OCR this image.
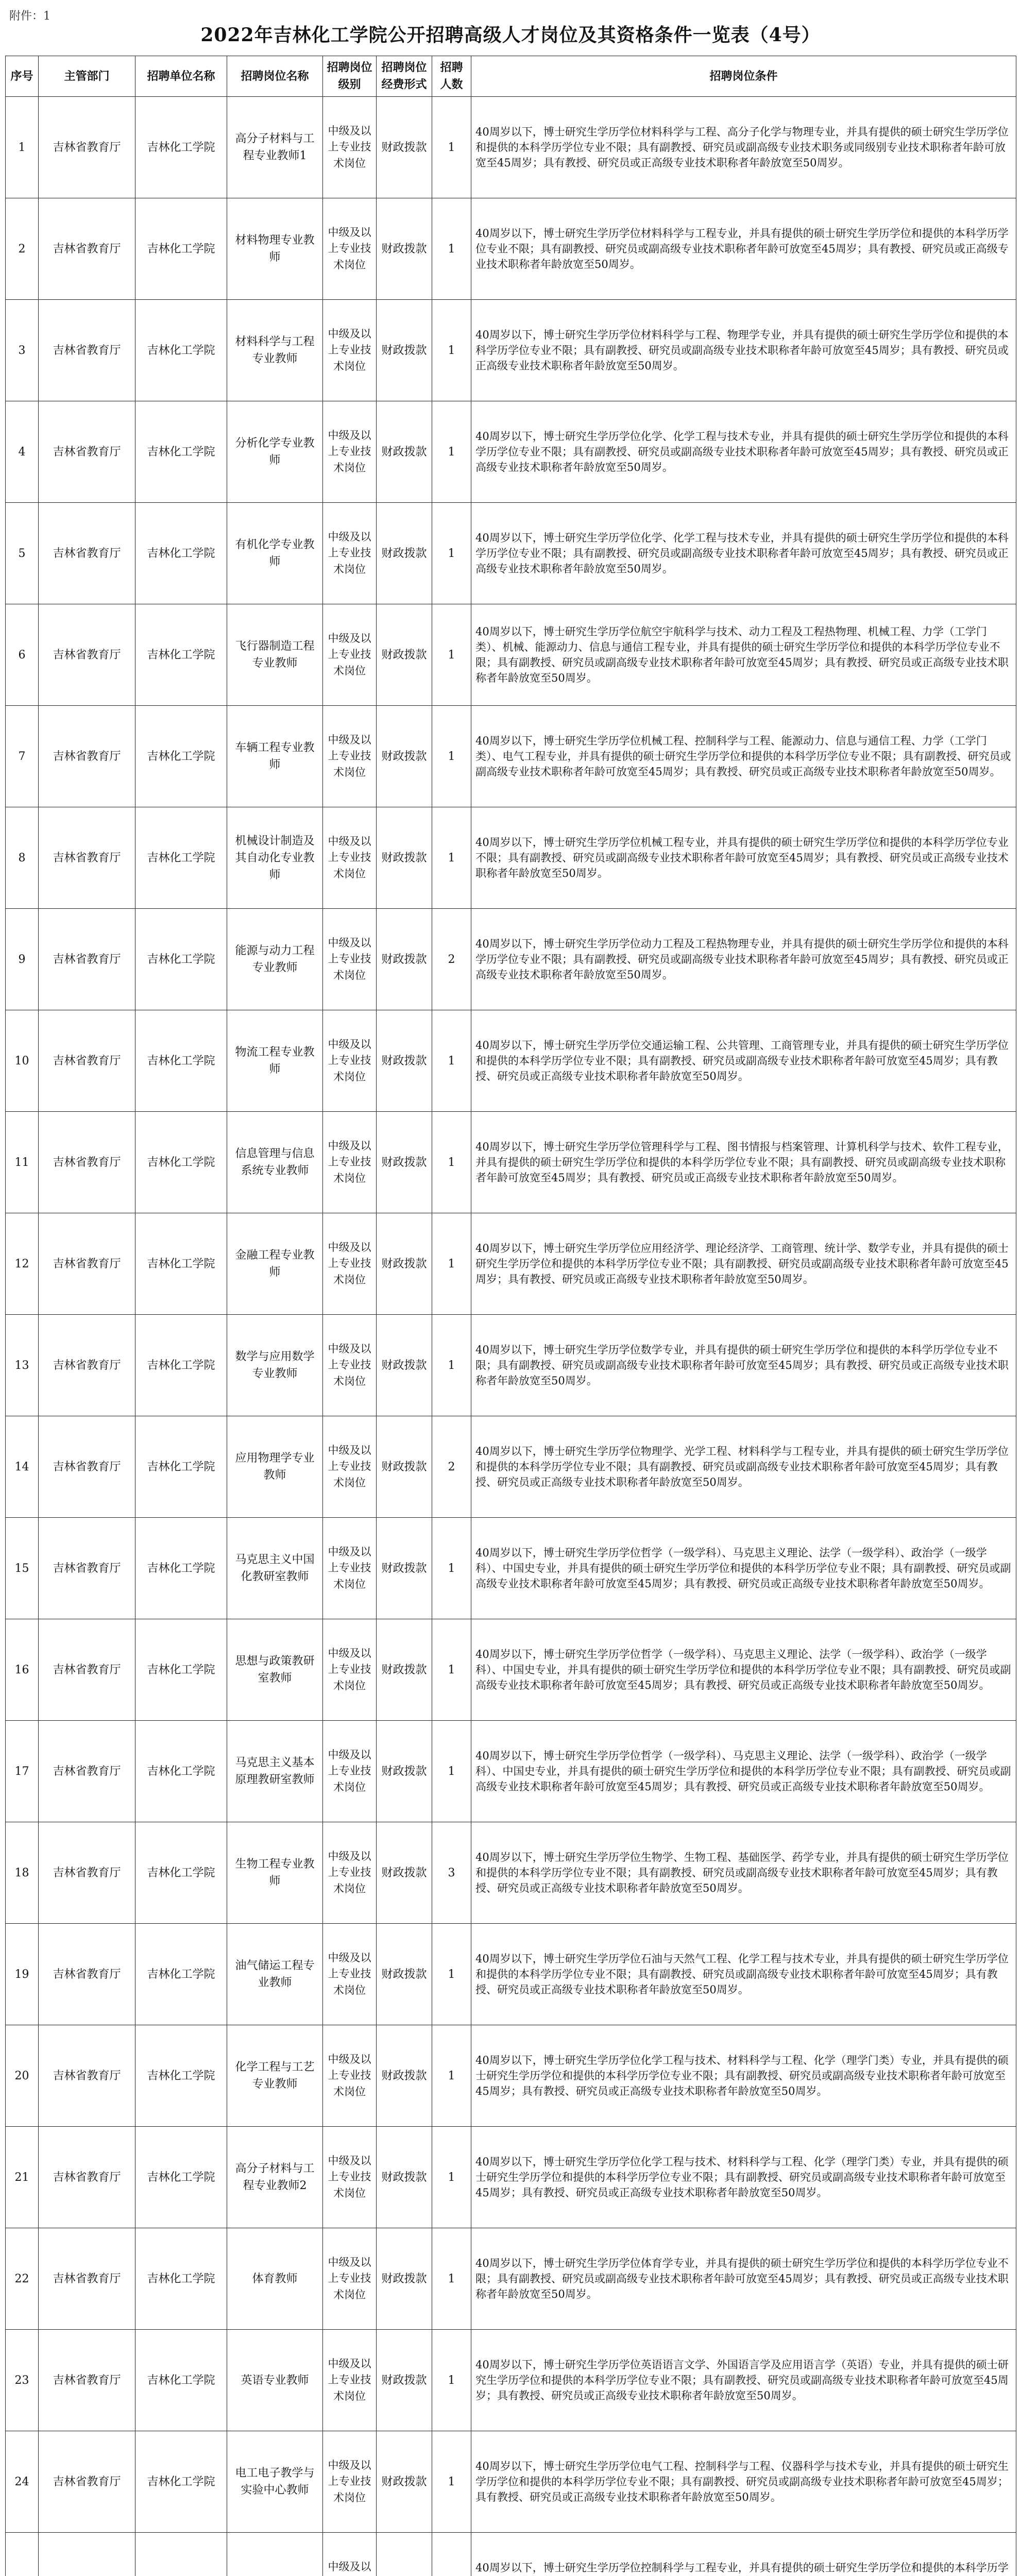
附件：1
2022年吉林化工学院公开招聘高级人才岗位及其资格条件一览表（4号）
序号	主管部门	招聘单位名称	招聘岗位名称	招聘岗位级别	招聘岗位经费形式	招聘人数	招聘岗位条件
1	吉林省教育厅	吉林化工学院	高分子材料与工程专业教师1	中级及以上专业技术岗位	财政拨款	1	40周岁以下，博士研究生学历学位材料科学与工程、高分子化学与物理专业，并具有提供的硕士研究生学历学位和提供的本科学历学位专业不限；具有副教授、研究员或副高级专业技术职务或同级别专业技术职称者年龄可放宽至45周岁；具有教授、研究员或正高级专业技术职称者年龄放宽至50周岁。
2	吉林省教育厅	吉林化工学院	材料物理专业教师	中级及以上专业技术岗位	财政拨款	1	40周岁以下，博士研究生学历学位材料科学与工程专业，并具有提供的硕士研究生学历学位和提供的本科学历学位专业不限；具有副教授、研究员或副高级专业技术职称者年龄可放宽至45周岁；具有教授、研究员或正高级专业技术职称者年龄放宽至50周岁。
3	吉林省教育厅	吉林化工学院	材料科学与工程专业教师	中级及以上专业技术岗位	财政拨款	1	40周岁以下，博士研究生学历学位材料科学与工程、物理学专业，并具有提供的硕士研究生学历学位和提供的本科学历学位专业不限；具有副教授、研究员或副高级专业技术职称者年龄可放宽至45周岁；具有教授、研究员或正高级专业技术职称者年龄放宽至50周岁。
4	吉林省教育厅	吉林化工学院	分析化学专业教师	中级及以上专业技术岗位	财政拨款	1	40周岁以下，博士研究生学历学位化学、化学工程与技术专业，并具有提供的硕士研究生学历学位和提供的本科学历学位专业不限；具有副教授、研究员或副高级专业技术职称者年龄可放宽至45周岁；具有教授、研究员或正高级专业技术职称者年龄放宽至50周岁。
5	吉林省教育厅	吉林化工学院	有机化学专业教师	中级及以上专业技术岗位	财政拨款	1	40周岁以下，博士研究生学历学位化学、化学工程与技术专业，并具有提供的硕士研究生学历学位和提供的本科学历学位专业不限；具有副教授、研究员或副高级专业技术职称者年龄可放宽至45周岁；具有教授、研究员或正高级专业技术职称者年龄放宽至50周岁。
6	吉林省教育厅	吉林化工学院	飞行器制造工程专业教师	中级及以上专业技术岗位	财政拨款	1	40周岁以下，博士研究生学历学位航空宇航科学与技术、动力工程及工程热物理、机械工程、力学（工学门类）、机械、能源动力、信息与通信工程专业，并具有提供的硕士研究生学历学位和提供的本科学历学位专业不限；具有副教授、研究员或副高级专业技术职称者年龄可放宽至45周岁；具有教授、研究员或正高级专业技术职称者年龄放宽至50周岁。
7	吉林省教育厅	吉林化工学院	车辆工程专业教师	中级及以上专业技术岗位	财政拨款	1	40周岁以下，博士研究生学历学位机械工程、控制科学与工程、能源动力、信息与通信工程、力学（工学门类）、电气工程专业，并具有提供的硕士研究生学历学位和提供的本科学历学位专业不限；具有副教授、研究员或副高级专业技术职称者年龄可放宽至45周岁；具有教授、研究员或正高级专业技术职称者年龄放宽至50周岁。
8	吉林省教育厅	吉林化工学院	机械设计制造及其自动化专业教师	中级及以上专业技术岗位	财政拨款	1	40周岁以下，博士研究生学历学位机械工程专业，并具有提供的硕士研究生学历学位和提供的本科学历学位专业不限；具有副教授、研究员或副高级专业技术职称者年龄可放宽至45周岁；具有教授、研究员或正高级专业技术职称者年龄放宽至50周岁。
9	吉林省教育厅	吉林化工学院	能源与动力工程专业教师	中级及以上专业技术岗位	财政拨款	2	40周岁以下，博士研究生学历学位动力工程及工程热物理专业，并具有提供的硕士研究生学历学位和提供的本科学历学位专业不限；具有副教授、研究员或副高级专业技术职称者年龄可放宽至45周岁；具有教授、研究员或正高级专业技术职称者年龄放宽至50周岁。
10	吉林省教育厅	吉林化工学院	物流工程专业教师	中级及以上专业技术岗位	财政拨款	1	40周岁以下，博士研究生学历学位交通运输工程、公共管理、工商管理专业，并具有提供的硕士研究生学历学位和提供的本科学历学位专业不限；具有副教授、研究员或副高级专业技术职称者年龄可放宽至45周岁；具有教授、研究员或正高级专业技术职称者年龄放宽至50周岁。
11	吉林省教育厅	吉林化工学院	信息管理与信息系统专业教师	中级及以上专业技术岗位	财政拨款	1	40周岁以下，博士研究生学历学位管理科学与工程、图书情报与档案管理、计算机科学与技术、软件工程专业，并具有提供的硕士研究生学历学位和提供的本科学历学位专业不限；具有副教授、研究员或副高级专业技术职称者年龄可放宽至45周岁；具有教授、研究员或正高级专业技术职称者年龄放宽至50周岁。
12	吉林省教育厅	吉林化工学院	金融工程专业教师	中级及以上专业技术岗位	财政拨款	1	40周岁以下，博士研究生学历学位应用经济学、理论经济学、工商管理、统计学、数学专业，并具有提供的硕士研究生学历学位和提供的本科学历学位专业不限；具有副教授、研究员或副高级专业技术职称者年龄可放宽至45周岁；具有教授、研究员或正高级专业技术职称者年龄放宽至50周岁。
13	吉林省教育厅	吉林化工学院	数学与应用数学专业教师	中级及以上专业技术岗位	财政拨款	1	40周岁以下，博士研究生学历学位数学专业，并具有提供的硕士研究生学历学位和提供的本科学历学位专业不限；具有副教授、研究员或副高级专业技术职称者年龄可放宽至45周岁；具有教授、研究员或正高级专业技术职称者年龄放宽至50周岁。
14	吉林省教育厅	吉林化工学院	应用物理学专业教师	中级及以上专业技术岗位	财政拨款	2	40周岁以下，博士研究生学历学位物理学、光学工程、材料科学与工程专业，并具有提供的硕士研究生学历学位和提供的本科学历学位专业不限；具有副教授、研究员或副高级专业技术职称者年龄可放宽至45周岁；具有教授、研究员或正高级专业技术职称者年龄放宽至50周岁。
15	吉林省教育厅	吉林化工学院	马克思主义中国化教研室教师	中级及以上专业技术岗位	财政拨款	1	40周岁以下，博士研究生学历学位哲学（一级学科）、马克思主义理论、法学（一级学科）、政治学（一级学科）、中国史专业，并具有提供的硕士研究生学历学位和提供的本科学历学位专业不限；具有副教授、研究员或副高级专业技术职称者年龄可放宽至45周岁；具有教授、研究员或正高级专业技术职称者年龄放宽至50周岁。
16	吉林省教育厅	吉林化工学院	思想与政策教研室教师	中级及以上专业技术岗位	财政拨款	1	40周岁以下，博士研究生学历学位哲学（一级学科）、马克思主义理论、法学（一级学科）、政治学（一级学科）、中国史专业，并具有提供的硕士研究生学历学位和提供的本科学历学位专业不限；具有副教授、研究员或副高级专业技术职称者年龄可放宽至45周岁；具有教授、研究员或正高级专业技术职称者年龄放宽至50周岁。
17	吉林省教育厅	吉林化工学院	马克思主义基本原理教研室教师	中级及以上专业技术岗位	财政拨款	1	40周岁以下，博士研究生学历学位哲学（一级学科）、马克思主义理论、法学（一级学科）、政治学（一级学科）、中国史专业，并具有提供的硕士研究生学历学位和提供的本科学历学位专业不限；具有副教授、研究员或副高级专业技术职称者年龄可放宽至45周岁；具有教授、研究员或正高级专业技术职称者年龄放宽至50周岁。
18	吉林省教育厅	吉林化工学院	生物工程专业教师	中级及以上专业技术岗位	财政拨款	3	40周岁以下，博士研究生学历学位生物学、生物工程、基础医学、药学专业，并具有提供的硕士研究生学历学位和提供的本科学历学位专业不限；具有副教授、研究员或副高级专业技术职称者年龄可放宽至45周岁；具有教授、研究员或正高级专业技术职称者年龄放宽至50周岁。
19	吉林省教育厅	吉林化工学院	油气储运工程专业教师	中级及以上专业技术岗位	财政拨款	1	40周岁以下，博士研究生学历学位石油与天然气工程、化学工程与技术专业，并具有提供的硕士研究生学历学位和提供的本科学历学位专业不限；具有副教授、研究员或副高级专业技术职称者年龄可放宽至45周岁；具有教授、研究员或正高级专业技术职称者年龄放宽至50周岁。
20	吉林省教育厅	吉林化工学院	化学工程与工艺专业教师	中级及以上专业技术岗位	财政拨款	1	40周岁以下，博士研究生学历学位化学工程与技术、材料科学与工程、化学（理学门类）专业，并具有提供的硕士研究生学历学位和提供的本科学历学位专业不限；具有副教授、研究员或副高级专业技术职称者年龄可放宽至45周岁；具有教授、研究员或正高级专业技术职称者年龄放宽至50周岁。
21	吉林省教育厅	吉林化工学院	高分子材料与工程专业教师2	中级及以上专业技术岗位	财政拨款	1	40周岁以下，博士研究生学历学位化学工程与技术、材料科学与工程、化学（理学门类）专业，并具有提供的硕士研究生学历学位和提供的本科学历学位专业不限；具有副教授、研究员或副高级专业技术职称者年龄可放宽至45周岁；具有教授、研究员或正高级专业技术职称者年龄放宽至50周岁。
22	吉林省教育厅	吉林化工学院	体育教师	中级及以上专业技术岗位	财政拨款	1	40周岁以下，博士研究生学历学位体育学专业，并具有提供的硕士研究生学历学位和提供的本科学历学位专业不限；具有副教授、研究员或副高级专业技术职称者年龄可放宽至45周岁；具有教授、研究员或正高级专业技术职称者年龄放宽至50周岁。
23	吉林省教育厅	吉林化工学院	英语专业教师	中级及以上专业技术岗位	财政拨款	1	40周岁以下，博士研究生学历学位英语语言文学、外国语言学及应用语言学（英语）专业，并具有提供的硕士研究生学历学位和提供的本科学历学位专业不限；具有副教授、研究员或副高级专业技术职称者年龄可放宽至45周岁；具有教授、研究员或正高级专业技术职称者年龄放宽至50周岁。
24	吉林省教育厅	吉林化工学院	电工电子教学与实验中心教师	中级及以上专业技术岗位	财政拨款	1	40周岁以下，博士研究生学历学位电气工程、控制科学与工程、仪器科学与技术专业，并具有提供的硕士研究生学历学位和提供的本科学历学位专业不限；具有副教授、研究员或副高级专业技术职称者年龄可放宽至45周岁；具有教授、研究员或正高级专业技术职称者年龄放宽至50周岁。
				中级及以			40周岁以下，博士研究生学历学位控制科学与工程专业，并具有提供的硕士研究生学历学位和提供的本科学历学
